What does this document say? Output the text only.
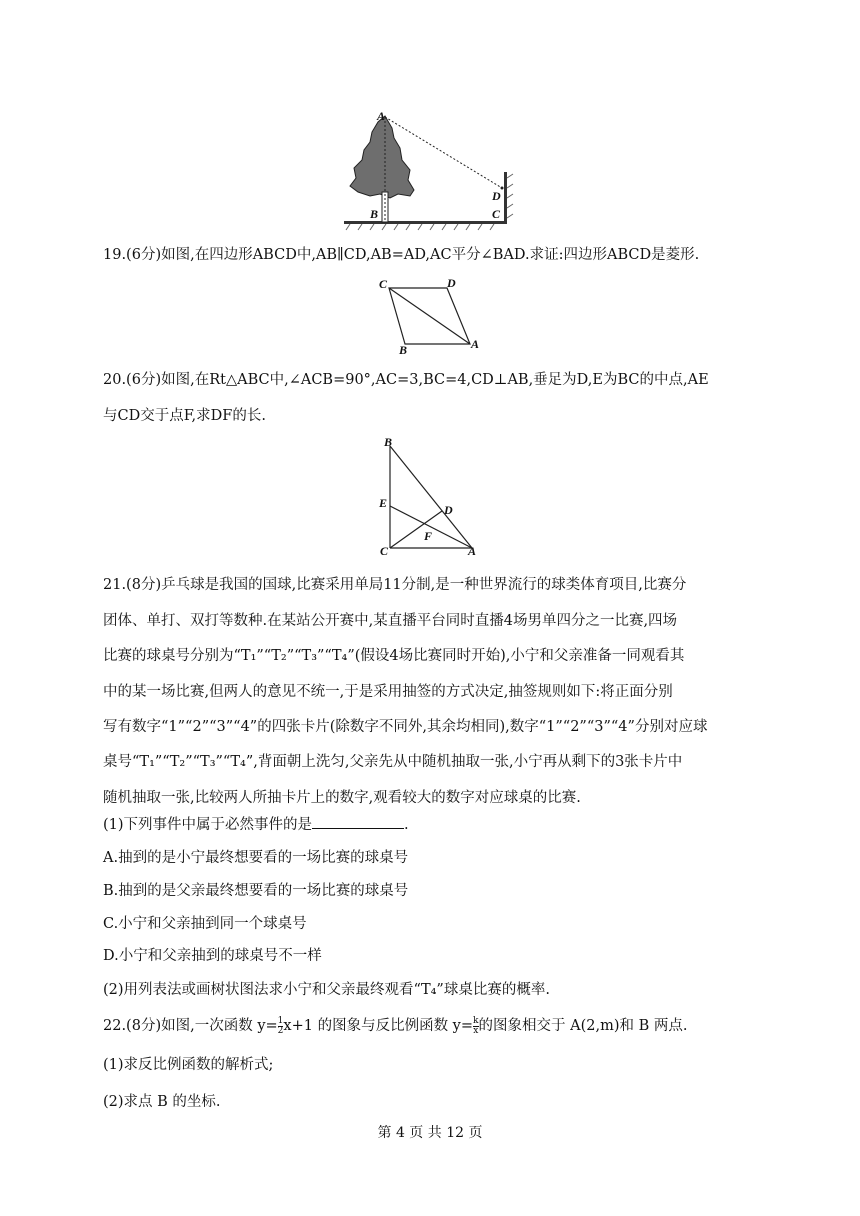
A
B	C
D
19.(6分)如图,在四边形ABCD中,AB∥CD,AB=AD,AC平分∠BAD.求证:四边形ABCD是菱形.
C	D
B	A
20.(6分)如图,在Rt△ABC中,∠ACB=90°,AC=3,BC=4,CD⊥AB,垂足为D,E为BC的中点,AE
与CD交于点F,求DF的长.
B
E	D
F
C	A
21.(8分)乒乓球是我国的国球,比赛采用单局11分制,是一种世界流行的球类体育项目,比赛分
团体、单打、双打等数种.在某站公开赛中,某直播平台同时直播4场男单四分之一比赛,四场
比赛的球桌号分别为“T₁”“T₂”“T₃”“T₄”(假设4场比赛同时开始),小宁和父亲准备一同观看其
中的某一场比赛,但两人的意见不统一,于是采用抽签的方式决定,抽签规则如下:将正面分别
写有数字“1”“2”“3”“4”的四张卡片(除数字不同外,其余均相同),数字“1”“2”“3”“4”分别对应球
桌号“T₁”“T₂”“T₃”“T₄”,背面朝上洗匀,父亲先从中随机抽取一张,小宁再从剩下的3张卡片中
随机抽取一张,比较两人所抽卡片上的数字,观看较大的数字对应球桌的比赛.
(1)下列事件中属于必然事件的是	.
A.抽到的是小宁最终想要看的一场比赛的球桌号
B.抽到的是父亲最终想要看的一场比赛的球桌号
C.小宁和父亲抽到同一个球桌号
D.小宁和父亲抽到的球桌号不一样
(2)用列表法或画树状图法求小宁和父亲最终观看“T₄”球桌比赛的概率.
22.(8分)如图,一次函数 $y= \frac{1}{2} x+1$ 的图象与反比例函数 $y= \frac{k}{x}$ 的图象相交于 A(2,m)和 B 两点.
(1)求反比例函数的解析式;
(2)求点 B 的坐标.
第 4 页 共 12 页
